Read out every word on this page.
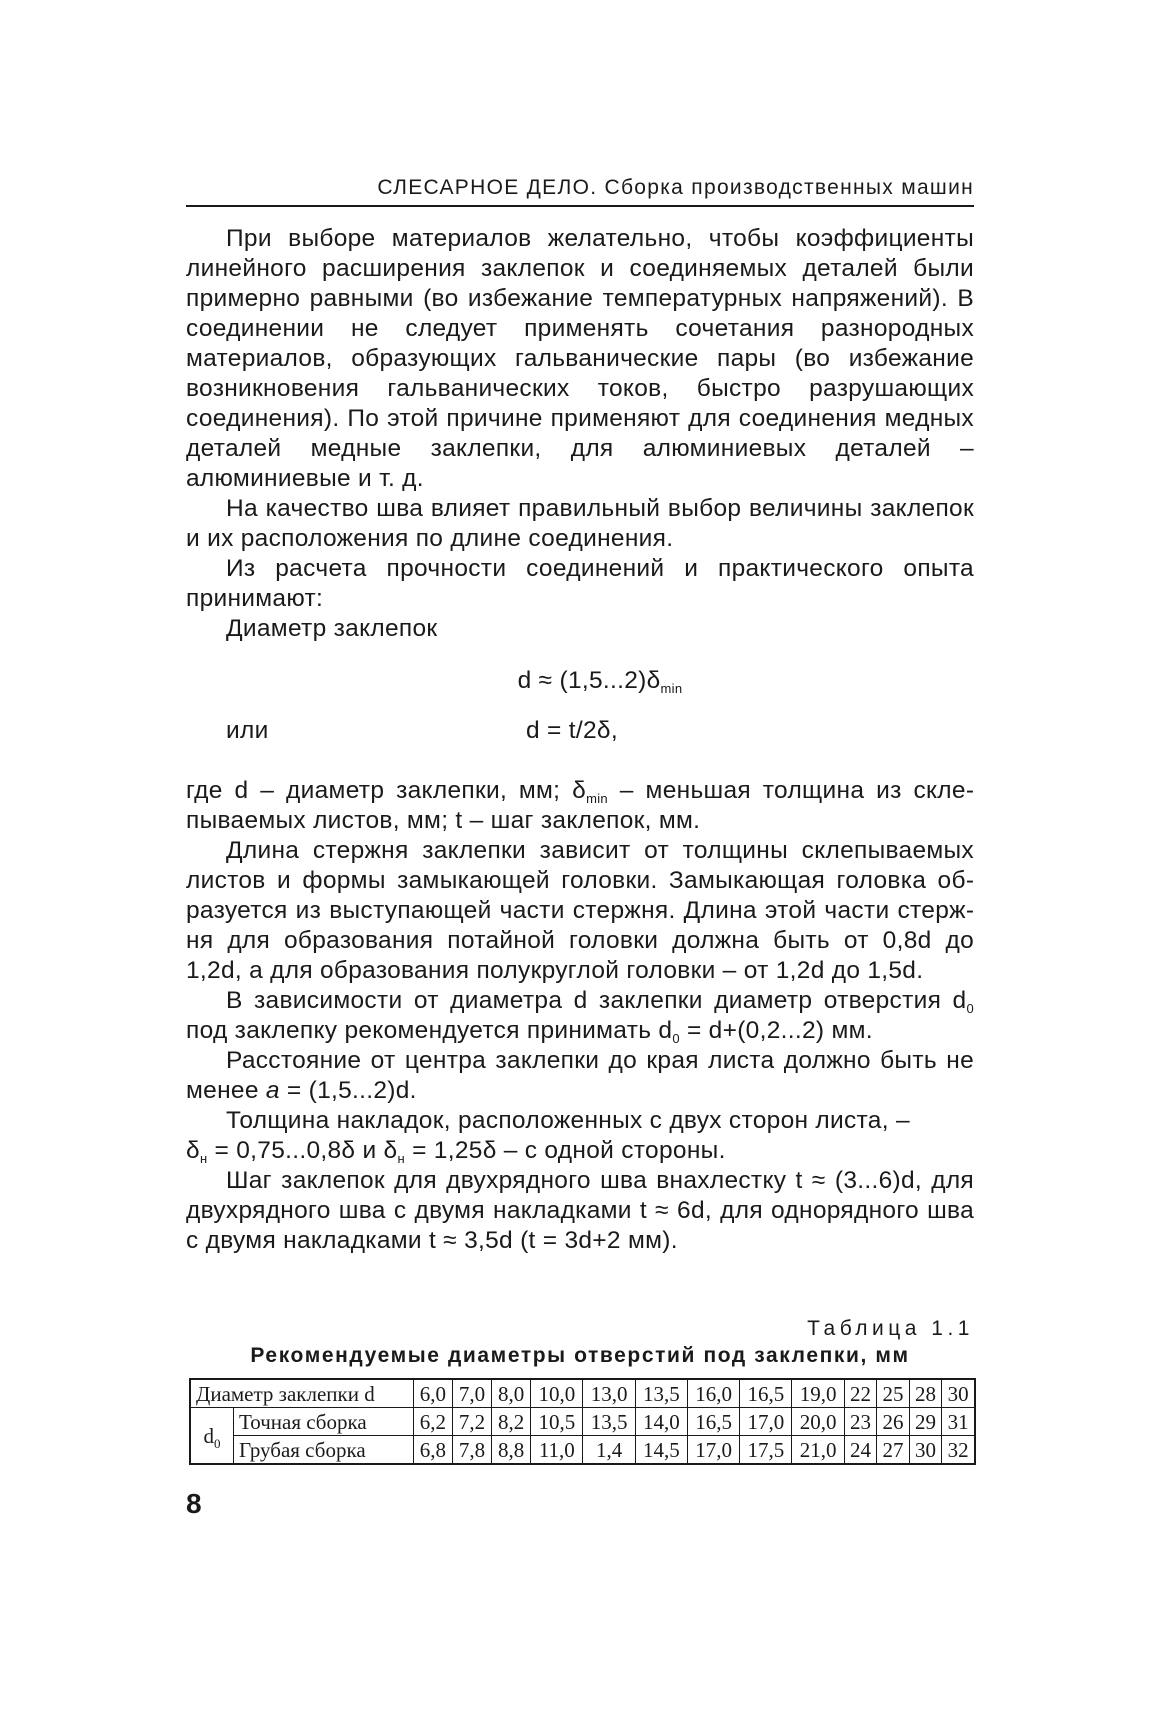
СЛЕСАРНОЕ ДЕЛО. Сборка производственных машин

При выборе материалов желательно, чтобы коэффициенты линейного расширения заклепок и соединяемых деталей были примерно равными (во избежание температурных напряжений). В соединении не следует применять сочетания разнородных материалов, образующих гальванические пары (во избежание возникновения гальванических токов, быстро разрушающих соединения). По этой причине применяют для соединения медных деталей медные заклепки, для алюминиевых деталей – алюминиевые и т. д.

На качество шва влияет правильный выбор величины заклепок и их расположения по длине соединения.

Из расчета прочности соединений и практического опыта принимают:

Диаметр заклепок

$d \approx (1,5...2)\delta_{min}$
или	d = t/2δ,

где d – диаметр заклепки, мм; $\delta_{min}$ – меньшая толщина из склепываемых листов, мм; t – шаг заклепок, мм.

Длина стержня заклепки зависит от толщины склепываемых листов и формы замыкающей головки. Замыкающая головка образуется из выступающей части стержня. Длина этой части стержня для образования потайной головки должна быть от 0,8d до 1,2d, а для образования полукруглой головки – от 1,2d до 1,5d.

В зависимости от диаметра d заклепки диаметр отверстия $d_0$ под заклепку рекомендуется принимать $d_0 = d+(0,2...2)$ мм.

Расстояние от центра заклепки до края листа должно быть не менее a = (1,5...2)d.

Толщина накладок, расположенных с двух сторон листа, –

$\delta_н = 0,75...0,8\delta$ и $\delta_н = 1,25\delta - с$ одной стороны.

Шаг заклепок для двухрядного шва внахлестку t ≈ (3...6)d, для двухрядного шва с двумя накладками t ≈ 6d, для однорядного шва с двумя накладками t ≈ 3,5d (t = 3d+2 мм).

Таблица 1.1
Рекомендуемые диаметры отверстий под заклепки, мм
Диаметр заклепки d		6,0	7,0	8,0	10,0	13,0	13,5	16,0	16,5	19,0	22	25	28	30
$d_0$	Точная сборка	6,2	7,2	8,2	10,5	13,5	14,0	16,5	17,0	20,0	23	26	29	31
	Грубая сборка	6,8	7,8	8,8	11,0	1,4	14,5	17,0	17,5	21,0	24	27	30	32
8
